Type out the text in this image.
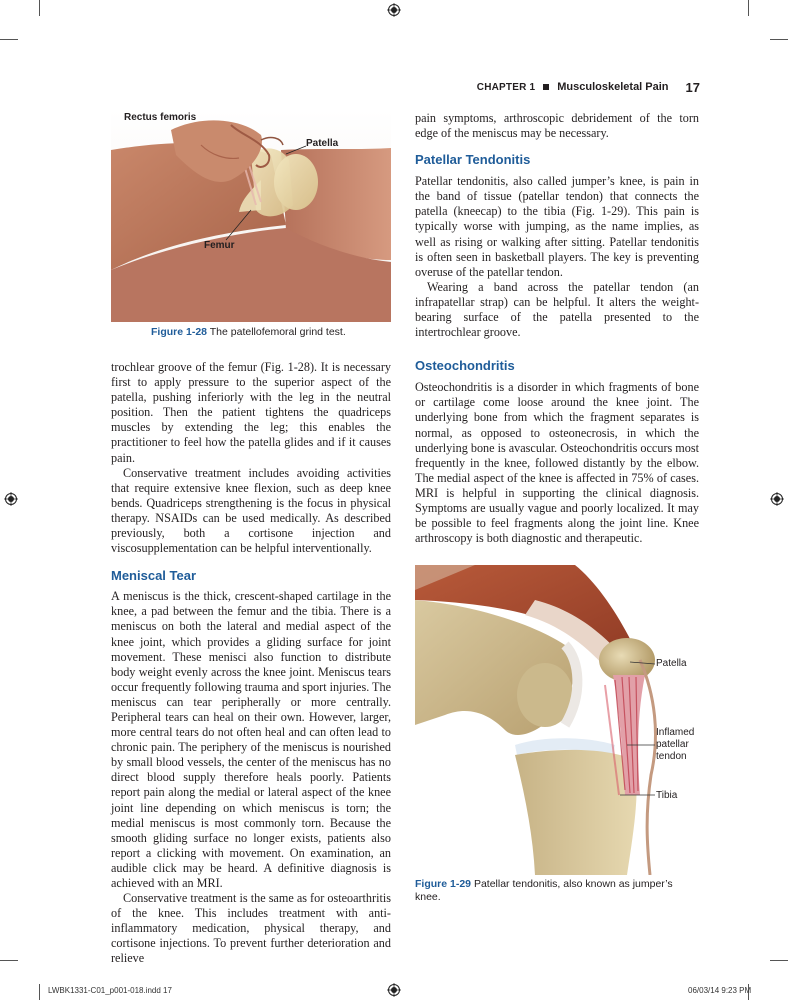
CHAPTER 1 Musculoskeletal Pain 17
Rectus femoris
Patella
Femur
Figure 1-28 The patellofemoral grind test.

trochlear groove of the femur (Fig. 1-28). It is necessary first to apply pressure to the superior aspect of the patella, pushing inferiorly with the leg in the neutral position. Then the patient tightens the quadriceps muscles by extending the leg; this enables the practitioner to feel how the patella glides and if it causes pain.

Conservative treatment includes avoiding activities that require extensive knee flexion, such as deep knee bends. Quadriceps strengthening is the focus in physical therapy. NSAIDs can be used medically. As described previously, both a cortisone injection and viscosupplementation can be helpful interventionally.

Meniscal Tear

A meniscus is the thick, crescent-shaped cartilage in the knee, a pad between the femur and the tibia. There is a meniscus on both the lateral and medial aspect of the knee joint, which provides a gliding surface for joint movement. These menisci also function to distribute body weight evenly across the knee joint. Meniscus tears occur frequently following trauma and sport injuries. The meniscus can tear peripherally or more centrally. Peripheral tears can heal on their own. However, larger, more central tears do not often heal and can often lead to chronic pain. The periphery of the meniscus is nourished by small blood vessels, the center of the meniscus has no direct blood supply therefore heals poorly. Patients report pain along the medial or lateral aspect of the knee joint line depending on which meniscus is torn; the medial meniscus is most commonly torn. Because the smooth gliding surface no longer exists, patients also report a clicking with movement. On examination, an audible click may be heard. A definitive diagnosis is achieved with an MRI.

Conservative treatment is the same as for osteoarthritis of the knee. This includes treatment with anti-inflammatory medication, physical therapy, and cortisone injections. To prevent further deterioration and relieve

pain symptoms, arthroscopic debridement of the torn edge of the meniscus may be necessary.

Patellar Tendonitis

Patellar tendonitis, also called jumper’s knee, is pain in the band of tissue (patellar tendon) that connects the patella (kneecap) to the tibia (Fig. 1-29). This pain is typically worse with jumping, as the name implies, as well as rising or walking after sitting. Patellar tendonitis is often seen in basketball players. The key is preventing overuse of the patellar tendon.

Wearing a band across the patellar tendon (an infrapatellar strap) can be helpful. It alters the weight-bearing surface of the patella presented to the intertrochlear groove.

Osteochondritis

Osteochondritis is a disorder in which fragments of bone or cartilage come loose around the knee joint. The underlying bone from which the fragment separates is normal, as opposed to osteonecrosis, in which the underlying bone is avascular. Osteochondritis occurs most frequently in the knee, followed distantly by the elbow. The medial aspect of the knee is affected in 75% of cases. MRI is helpful in supporting the clinical diagnosis. Symptoms are usually vague and poorly localized. It may be possible to feel fragments along the joint line. Knee arthroscopy is both diagnostic and therapeutic.

Patella
Inflamed
patellar
tendon
Tibia
Figure 1-29 Patellar tendonitis, also known as jumper’s knee.
LWBK1331-C01_p001-018.indd 17	06/03/14 9:23 PM
